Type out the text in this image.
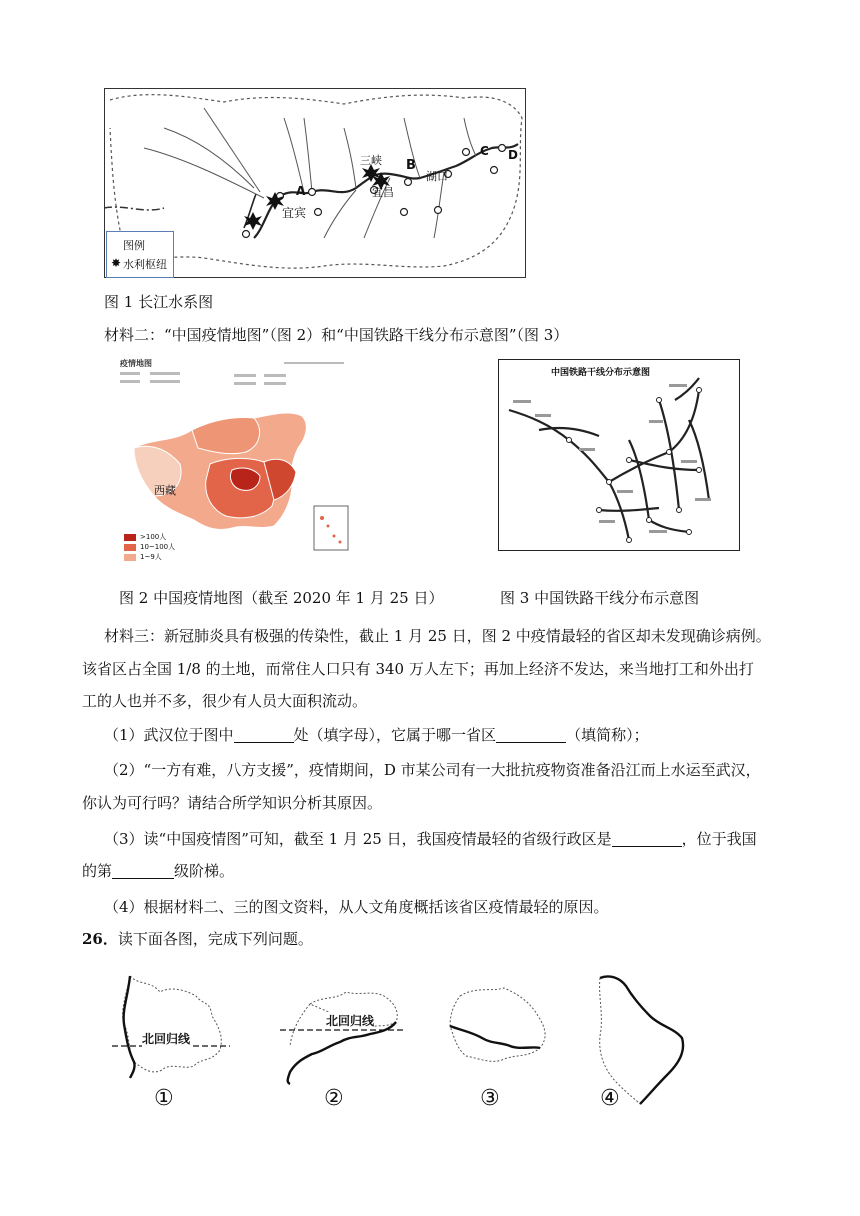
A
宜宾
三峡
宜昌
B
湖口
C D
图例
✸ 水利枢纽
图 1 长江水系图
材料二：“中国疫情地图”（图 2）和“中国铁路干线分布示意图”（图 3）
疫情地图
西藏
>100人
10~100人
1~9人
中国铁路干线分布示意图
图 2 中国疫情地图（截至 2020 年 1 月 25 日）	图 3 中国铁路干线分布示意图
材料三：新冠肺炎具有极强的传染性，截止 1 月 25 日，图 2 中疫情最轻的省区却未发现确诊病例。
该省区占全国 1/8 的土地，而常住人口只有 340 万人左下；再加上经济不发达，来当地打工和外出打
工的人也并不多，很少有人员大面积流动。
（1）武汉位于图中	处（填字母），它属于哪一省区	（填简称）；
（2）“一方有难，八方支援”，疫情期间，D 市某公司有一大批抗疫物资准备沿江而上水运至武汉，
你认为可行吗？请结合所学知识分析其原因。
（3）读“中国疫情图”可知，截至 1 月 25 日，我国疫情最轻的省级行政区是	，位于我国
的第	级阶梯。
（4）根据材料二、三的图文资料，从人文角度概括该省区疫情最轻的原因。
26．读下面各图，完成下列问题。
北回归线
北回归线
①	②	③	④
